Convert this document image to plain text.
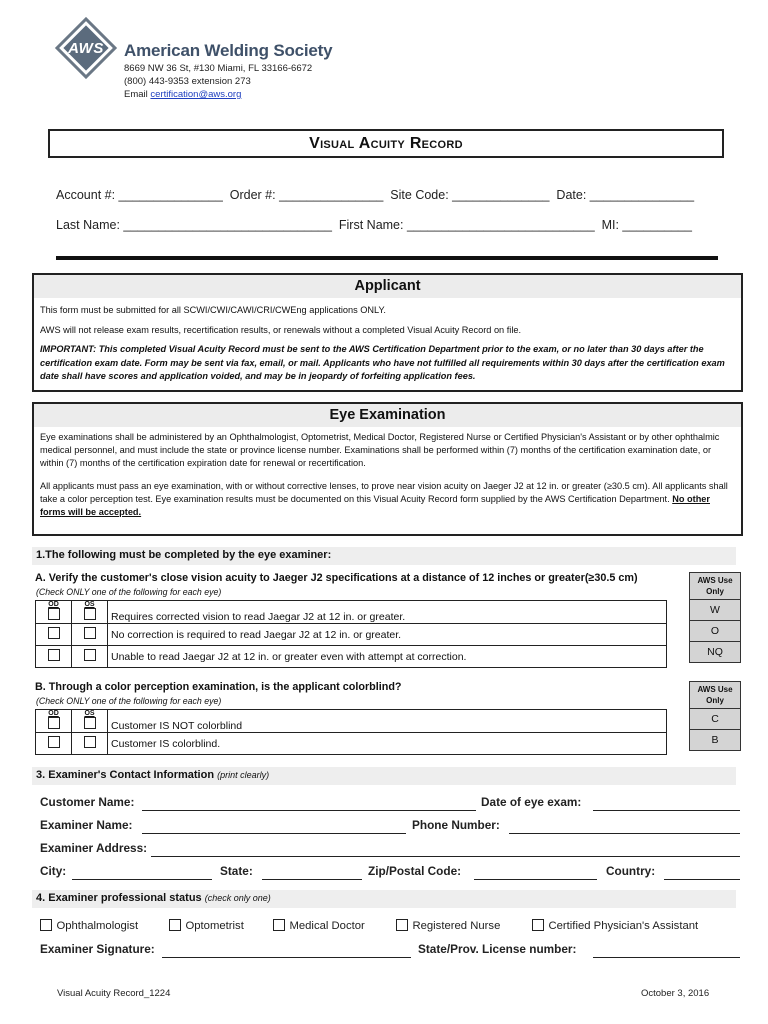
AWS	American Welding Society
8669 NW 36 St, #130 Miami, FL 33166-6672
(800) 443-9353 extension 273
Email certification@aws.org
Visual Acuity Record
Account #: _______________  Order #: _______________  Site Code: ______________  Date: _______________
Last Name: ______________________________  First Name: ___________________________  MI: __________
Applicant

This form must be submitted for all SCWI/CWI/CAWI/CRI/CWEng applications ONLY.

AWS will not release exam results, recertification results, or renewals without a completed Visual Acuity Record on file.

IMPORTANT: This completed Visual Acuity Record must be sent to the AWS Certification Department prior to the exam, or no later than 30 days after the certification exam date. Form may be sent via fax, email, or mail. Applicants who have not fulfilled all requirements within 30 days after the certification exam date shall have scores and application voided, and may be in jeopardy of forfeiting application fees.

Eye Examination

Eye examinations shall be administered by an Ophthalmologist, Optometrist, Medical Doctor, Registered Nurse or Certified Physician's Assistant or by other ophthalmic medical personnel, and must include the state or province license number. Examinations shall be performed within (7) months of the certification examination date, or within (7) months of the certification expiration date for renewal or recertification.

All applicants must pass an eye examination, with or without corrective lenses, to prove near vision acuity on Jaeger J2 at 12 in. or greater (≥30.5 cm). All applicants shall take a color perception test. Eye examination results must be documented on this Visual Acuity Record form supplied by the AWS Certification Department. No other forms will be accepted.

1.The following must be completed by the eye examiner:
A. Verify the customer's close vision acuity to Jaeger J2 specifications at a distance of 12 inches or greater(≥30.5 cm)
(Check ONLY one of the following for each eye)
OD	OS	Requires corrected vision to read Jaegar J2 at 12 in. or greater.
		No correction is required to read Jaegar J2 at 12 in. or greater.
		Unable to read Jaegar J2 at 12 in. or greater even with attempt at correction.
AWS Use Only
W
O
NQ
B. Through a color perception examination, is the applicant colorblind?
(Check ONLY one of the following for each eye)
OD	OS	Customer IS NOT colorblind
		Customer IS colorblind.
AWS Use Only
C
B
3. Examiner's Contact Information (print clearly)
Customer Name:	Date of eye exam:
Examiner Name:	Phone Number:
Examiner Address:
City:	State:	Zip/Postal Code:	Country:
4. Examiner professional status (check only one)
Ophthalmologist	Optometrist	Medical Doctor	Registered Nurse	Certified Physician's Assistant
Examiner Signature:	State/Prov. License number:
Visual Acuity Record_1224	October 3, 2016
